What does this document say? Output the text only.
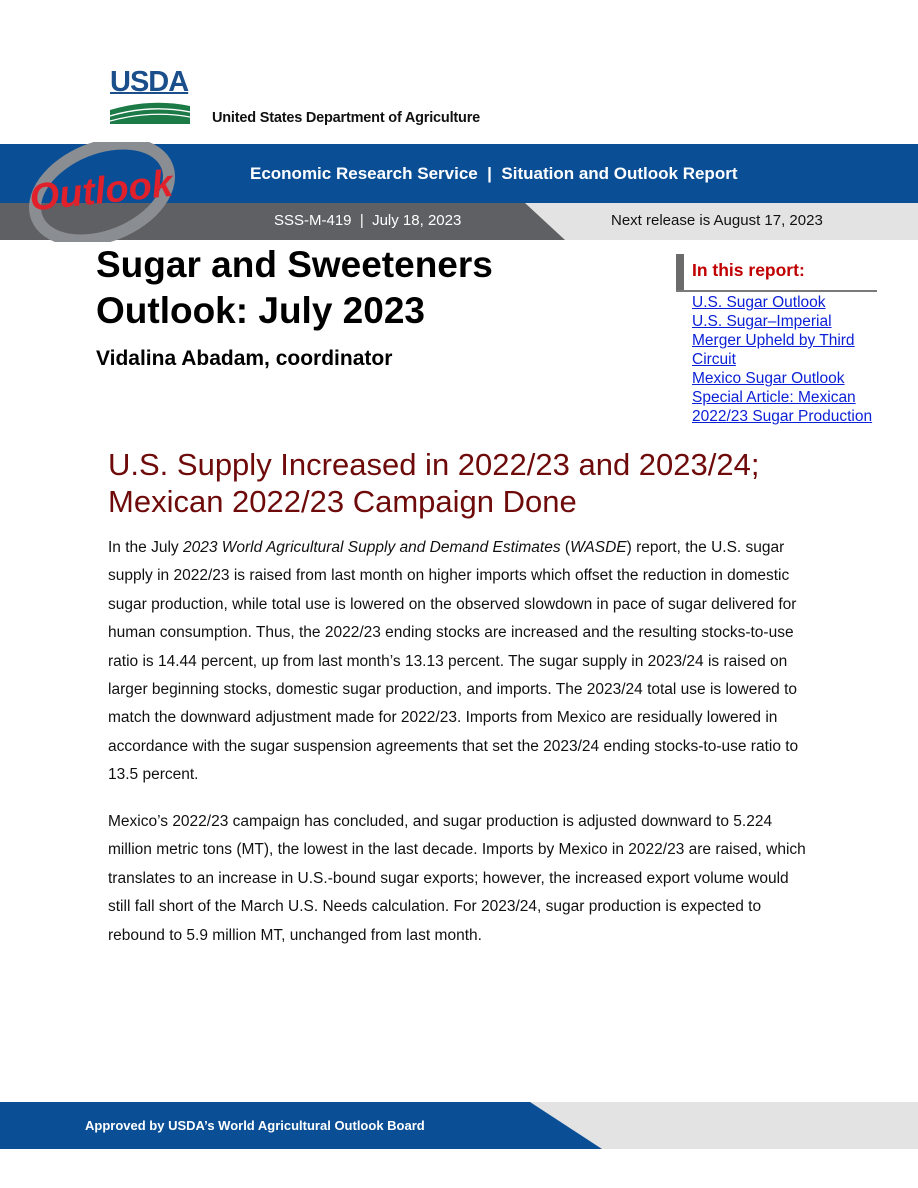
USDA
United States Department of Agriculture
Economic Research Service  |  Situation and Outlook Report
SSS-M-419  |  July 18, 2023	Next release is August 17, 2023
Outlook
Sugar and Sweeteners
Outlook: July 2023
Vidalina Abadam, coordinator
In this report:
U.S. Sugar Outlook
U.S. Sugar–Imperial
Merger Upheld by Third
Circuit
Mexico Sugar Outlook
Special Article: Mexican
2022/23 Sugar Production
U.S. Supply Increased in 2022/23 and 2023/24;
Mexican 2022/23 Campaign Done
In the July 2023 World Agricultural Supply and Demand Estimates (WASDE) report, the U.S. sugar supply in 2022/23 is raised from last month on higher imports which offset the reduction in domestic sugar production, while total use is lowered on the observed slowdown in pace of sugar delivered for human consumption. Thus, the 2022/23 ending stocks are increased and the resulting stocks-to-use ratio is 14.44 percent, up from last month’s 13.13 percent. The sugar supply in 2023/24 is raised on larger beginning stocks, domestic sugar production, and imports. The 2023/24 total use is lowered to match the downward adjustment made for 2022/23. Imports from Mexico are residually lowered in accordance with the sugar suspension agreements that set the 2023/24 ending stocks-to-use ratio to 13.5 percent.
Mexico’s 2022/23 campaign has concluded, and sugar production is adjusted downward to 5.224 million metric tons (MT), the lowest in the last decade. Imports by Mexico in 2022/23 are raised, which translates to an increase in U.S.-bound sugar exports; however, the increased export volume would still fall short of the March U.S. Needs calculation. For 2023/24, sugar production is expected to rebound to 5.9 million MT, unchanged from last month.
Approved by USDA’s World Agricultural Outlook Board
